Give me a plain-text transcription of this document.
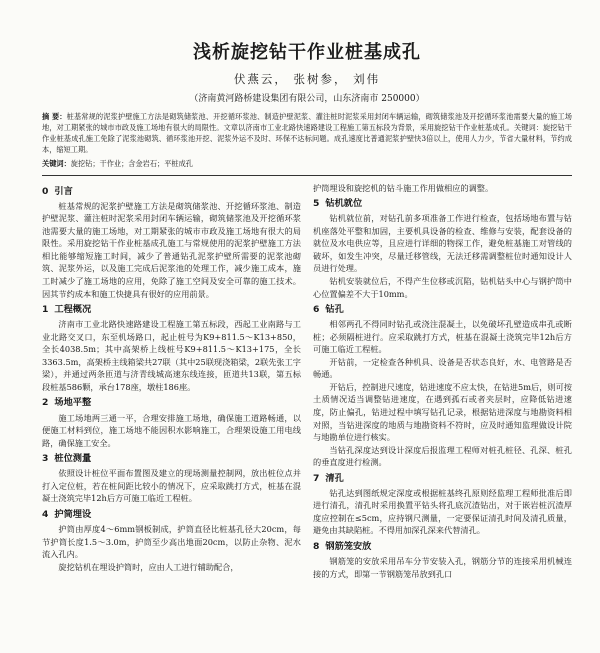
浅析旋挖钻干作业桩基成孔
伏燕云， 张树参， 刘伟
（济南黄河路桥建设集团有限公司，山东济南市 250000）
摘 要：桩基常规的泥浆护壁施工方法是砌筑储浆池、开挖循环浆池、制造护壁泥浆、灌注桩时泥浆采用封闭车辆运输，砌筑储浆池及开挖循环浆池需要大量的施工场地，对工期紧张的城市市政及施工场地有很大的局限性。文章以济南市工业北路快速路建设工程施工第五标段为背景，采用旋挖钻干作业桩基成孔。关键词：旋挖钻干作业桩基成孔施工免除了泥浆池砌筑、循环浆池开挖、泥浆外运不及时、环保不达标问题。成孔速度比普通泥浆护壁快3倍以上，使用人力少，节省大量材料，节约成本，缩短工期。
关键词：旋挖钻；干作业；含金岩石；平桩成孔
0 引言

桩基常规的泥浆护壁施工方法是砌筑储浆池、开挖循环浆池、制造护壁泥浆、灌注桩时泥浆采用封闭车辆运输，砌筑储浆池及开挖循环浆池需要大量的施工场地，对工期紧张的城市市政及施工场地有很大的局限性。采用旋挖钻干作业桩基成孔施工与常规使用的泥浆护壁施工方法相比能够缩短施工时间，减少了普通钻孔泥浆护壁所需要的泥浆池砌筑、泥浆外运，以及施工完成后泥浆池的处理工作，减少施工成本，施工时减少了施工场地的应用，免除了施工空间及安全可靠的施工技术。因其节约成本和施工快捷具有很好的应用前景。

1 工程概况

济南市工业北路快速路建设工程施工第五标段，西起工业南路与工业北路交叉口，东至机场路口，起止桩号为K9+811.5～K13+850，全长4038.5m；其中高架桥上线桩号K9+811.5～K13+175，全长3363.5m，高架桥主线箱梁共27联（其中25联现浇箱梁，2联先张工字梁），并通过两条匝道与济青线城高速东线连接，匝道共13联，第五标段桩基586颗，承台178座，墩柱186座。

2 场地平整

施工场地两三通一平，合理安排施工场地，确保施工道路畅通，以便施工材料到位，施工场地不能因积水影响施工，合理架设施工用电线路，确保施工安全。

3 桩位测量

依照设计桩位平面布置图及建立的现场测量控制网，放出桩位点并打入定位桩，若在桩间距比较小的情况下，应采取跳打方式，桩基在混凝土浇筑完毕12h后方可施工临近工程桩。

4 护筒埋设

护筒由厚度4～6mm钢板制成，护筒直径比桩基孔径大20cm，每节护筒长度1.5～3.0m，护筒至少高出地面20cm，以防止杂物、泥水流入孔内。

旋挖钻机在埋设护筒时，应由人工进行辅助配合，

护筒埋设和旋挖机的钻斗施工作用做相应的调整。

5 钻机就位

钻机就位前，对钻孔前多项准备工作进行检查，包括场地布置与钻机座落处平整和加固，主要机具设备的检查、维修与安装，配套设备的就位及水电供应等，且应进行详细的物探工作，避免桩基施工对管线的破坏，如发生冲突，尽量迁移管线，无法迁移需调整桩位时通知设计人员进行处理。

钻机安装就位后，不得产生位移或沉陷，钻机钻头中心与钢护筒中心位置偏差不大于10mm。

6 钻孔

相邻两孔不得同时钻孔或浇注混凝土，以免破坏孔壁造成串孔或断桩；必须隔桩进行。应采取跳打方式，桩基在混凝土浇筑完毕12h后方可施工临近工程桩。

开钻前，一定检查各种机具、设备是否状态良好，水、电管路是否畅通。

开钻后，控制进尺速度，钻进速度不应太快，在钻进5m后，则可按土质情况适当调整钻进速度，在遇到孤石或者夹层时，应降低钻进速度，防止偏孔，钻进过程中填写钻孔记录，根据钻进深度与地勘资料相对照，当钻进深度的地质与地勘资料不符时，应及时通知监理做设计院与地勘单位进行核实。

当钻孔深度达到设计深度后报监理工程师对桩孔桩径、孔深、桩孔的垂直度进行检测。

7 清孔

钻孔达到图纸规定深度或根据桩基终孔原则经监理工程师批准后即进行清孔，清孔时采用换置平钻头将孔底沉渣钻出，对于嵌岩桩沉渣厚度应控制在≤5cm，应持钢尺测量，一定要保证清孔时间及清孔质量，避免由其缺陷桩。不得用加深孔深来代替清孔。

8 钢筋笼安放

钢筋笼的安放采用吊车分节安装入孔，钢筋分节的连接采用机械连接的方式，即第一节钢筋笼吊放到孔口
